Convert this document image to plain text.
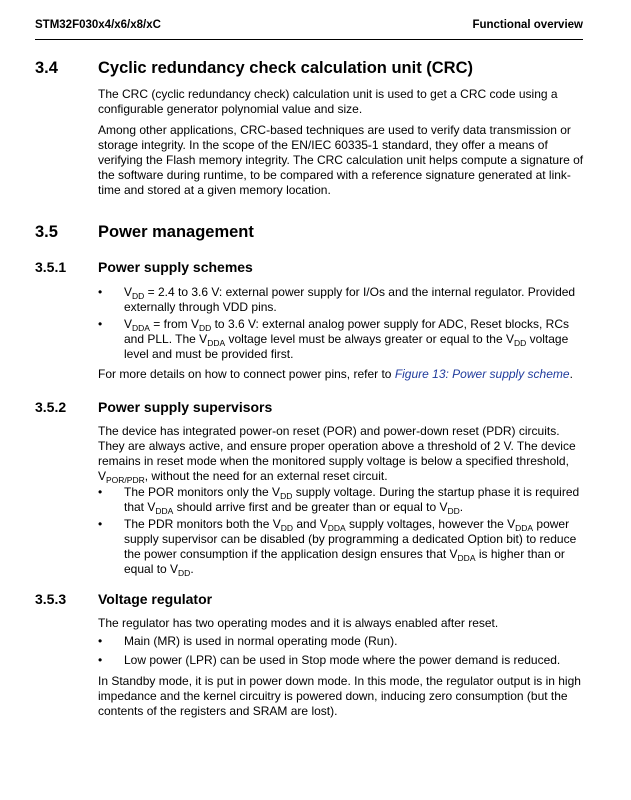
STM32F030x4/x6/x8/xC	Functional overview
3.4 Cyclic redundancy check calculation unit (CRC)
The CRC (cyclic redundancy check) calculation unit is used to get a CRC code using a configurable generator polynomial value and size.
Among other applications, CRC-based techniques are used to verify data transmission or storage integrity. In the scope of the EN/IEC 60335-1 standard, they offer a means of verifying the Flash memory integrity. The CRC calculation unit helps compute a signature of the software during runtime, to be compared with a reference signature generated at link-time and stored at a given memory location.
3.5 Power management
3.5.1 Power supply schemes
• $V_{DD} = 2.4$ to 3.6 V: external power supply for I/Os and the internal regulator. Provided externally through VDD pins.
• $V_{DDA}$ = from $V_{DD}$ to 3.6 V: external analog power supply for ADC, Reset blocks, RCs and PLL. The $V_{DDA}$ voltage level must be always greater or equal to the $V_{DD}$ voltage level and must be provided first.
For more details on how to connect power pins, refer to Figure 13: Power supply scheme.
3.5.2 Power supply supervisors
The device has integrated power-on reset (POR) and power-down reset (PDR) circuits. They are always active, and ensure proper operation above a threshold of 2 V. The device remains in reset mode when the monitored supply voltage is below a specified threshold, $V_{POR/PDR}$, without the need for an external reset circuit.
• The POR monitors only the $V_{DD}$ supply voltage. During the startup phase it is required that $V_{DDA}$ should arrive first and be greater than or equal to $V_{DD}$.
• The PDR monitors both the $V_{DD}$ and $V_{DDA}$ supply voltages, however the $V_{DDA}$ power supply supervisor can be disabled (by programming a dedicated Option bit) to reduce the power consumption if the application design ensures that $V_{DDA}$ is higher than or equal to $V_{DD}$.
3.5.3 Voltage regulator
The regulator has two operating modes and it is always enabled after reset.
• Main (MR) is used in normal operating mode (Run).
• Low power (LPR) can be used in Stop mode where the power demand is reduced.
In Standby mode, it is put in power down mode. In this mode, the regulator output is in high impedance and the kernel circuitry is powered down, inducing zero consumption (but the contents of the registers and SRAM are lost).
